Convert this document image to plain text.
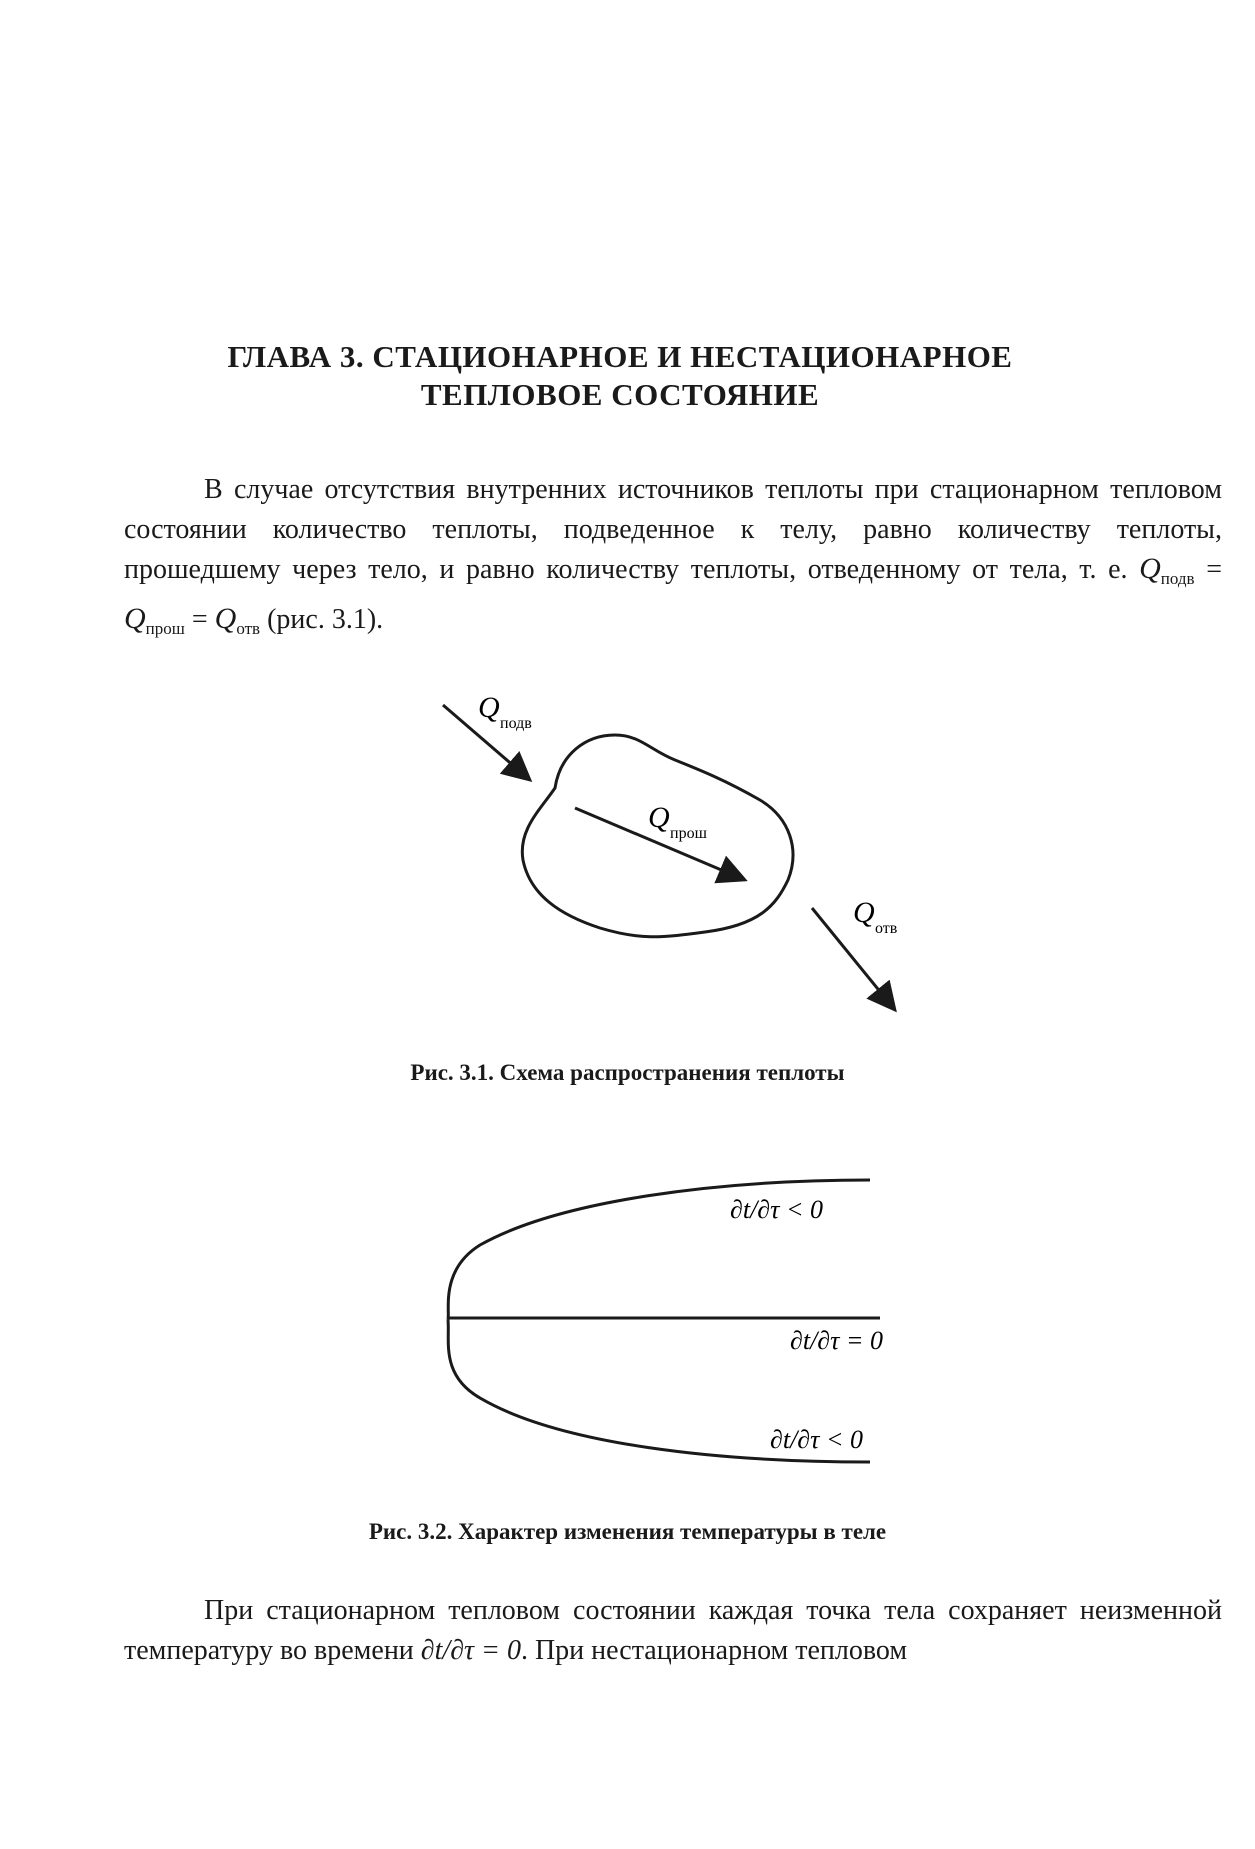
ГЛАВА 3. СТАЦИОНАРНОЕ И НЕСТАЦИОНАРНОЕ
ТЕПЛОВОЕ СОСТОЯНИЕ
В случае отсутствия внутренних источников теплоты при стационарном тепловом состоянии количество теплоты, подведенное к телу, равно количеству теплоты, прошедшему через тело, и равно количеству теплоты, отведенному от тела, т. е. $Q_{подв} = Q_{прош} = Q_{отв}$ (рис. 3.1).
Q подв
Q прош
Q отв
∂t/∂τ < 0
∂t/∂τ = 0
∂t/∂τ < 0
Рис. 3.1. Схема распространения теплоты
Рис. 3.2. Характер изменения температуры в теле
При стационарном тепловом состоянии каждая точка тела сохраняет неизменной температуру во времени ∂t/∂τ = 0. При нестационарном тепловом
